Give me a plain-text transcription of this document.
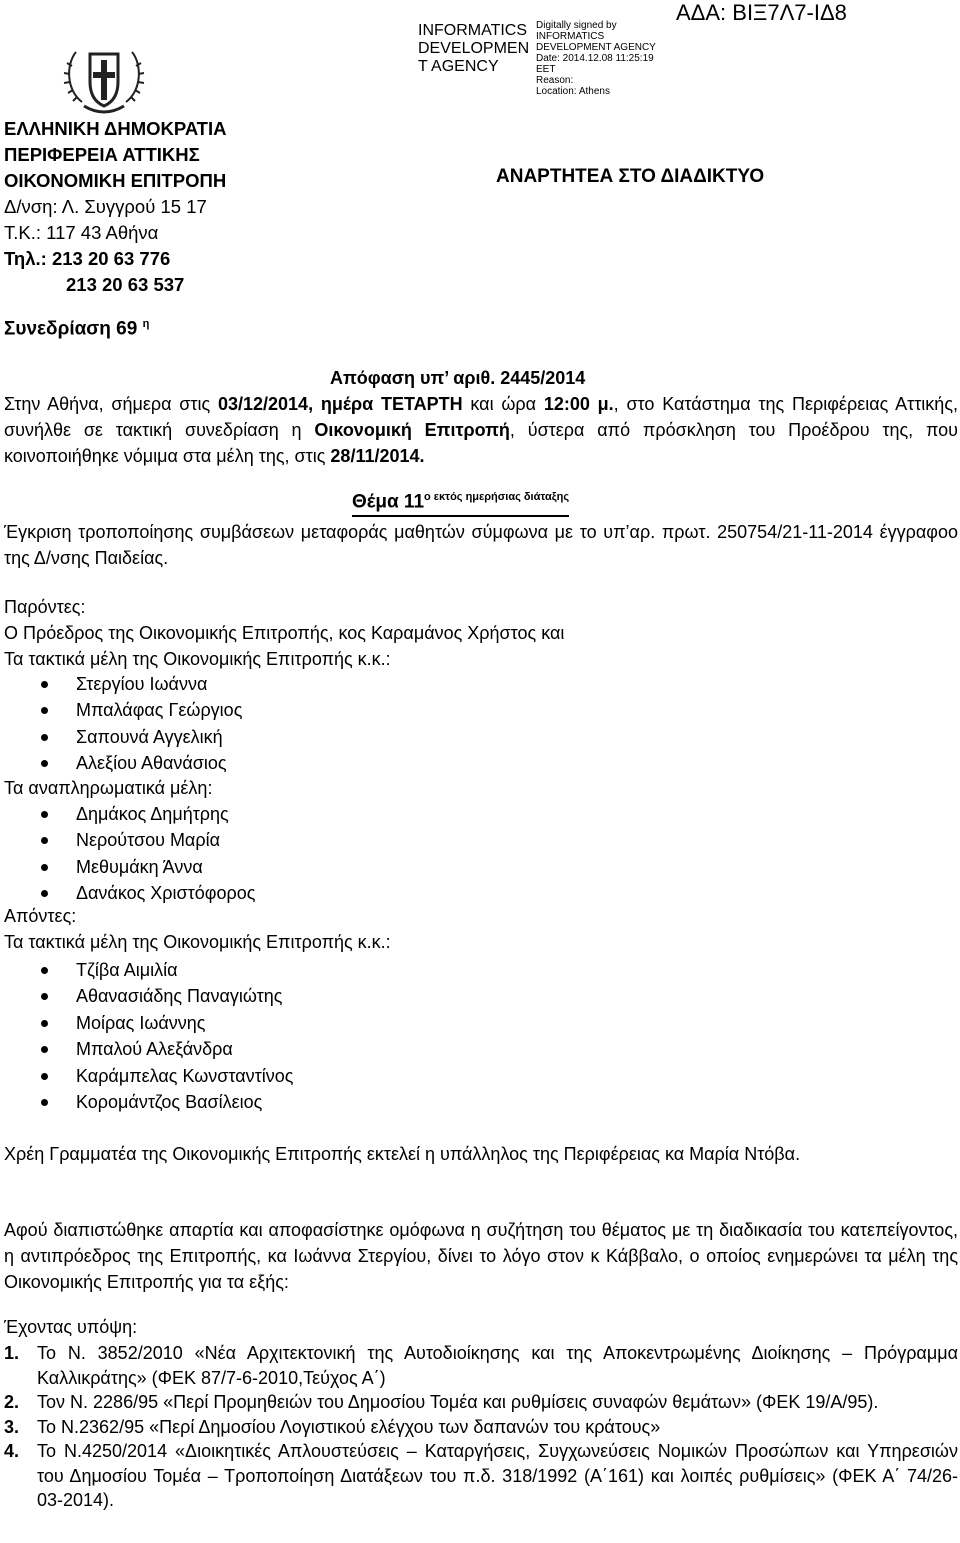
ΕΛΛΗΝΙΚΗ ΔΗΜΟΚΡΑΤΙΑ
ΠΕΡΙΦΕΡΕΙΑ ΑΤΤΙΚΗΣ
ΟΙΚΟΝΟΜΙΚΗ ΕΠΙΤΡΟΠΗ
Δ/νση: Λ. Συγγρού 15 17
Τ.Κ.: 117 43 Αθήνα
Τηλ.: 213 20 63 776
213 20 63 537
INFORMATICS DEVELOPMEN T AGENCY
Digitally signed by
INFORMATICS
DEVELOPMENT AGENCY
Date: 2014.12.08 11:25:19
EET
Reason:
Location: Athens
ΑΔΑ: ΒΙΞ7Λ7-ΙΔ8
ΑΝΑΡΤΗΤΕΑ ΣΤΟ ΔΙΑΔΙΚΤΥΟ
Συνεδρίαση 69 $^\eta$
Απόφαση υπ’ αριθ. 2445/2014
Στην Αθήνα, σήμερα στις 03/12/2014, ημέρα ΤΕΤΑΡΤΗ και ώρα 12:00 μ., στο Κατάστημα της Περιφέρειας Αττικής, συνήλθε σε τακτική συνεδρίαση η Οικονομική Επιτροπή, ύστερα από πρόσκληση του Προέδρου της, που κοινοποιήθηκε νόμιμα στα μέλη της, στις 28/11/2014.
Θέμα $11^{o \varepsilon\kappa\tau ό\varsigma \eta\mu\varepsilon\rho ή\sigma\iota\alpha\varsigma \delta\iota ά\tau\alpha\xi\eta\varsigma}$
Έγκριση τροποποίησης συμβάσεων μεταφοράς μαθητών σύμφωνα με το υπ’αρ. πρωτ. 250754/21-11-2014 έγγραφοο της Δ/νσης Παιδείας.
Παρόντες:
Ο Πρόεδρος της Οικονομικής Επιτροπής, κος Καραμάνος Χρήστος και
Τα τακτικά μέλη της Οικονομικής Επιτροπής κ.κ.:
Στεργίου Ιωάννα
Μπαλάφας Γεώργιος
Σαπουνά Αγγελική
Αλεξίου Αθανάσιος
Τα αναπληρωματικά μέλη:
Δημάκος Δημήτρης
Νερούτσου Μαρία
Μεθυμάκη Άννα
Δανάκος Χριστόφορος
Απόντες:
Τα τακτικά μέλη της Οικονομικής Επιτροπής κ.κ.:
Τζίβα Αιμιλία
Αθανασιάδης Παναγιώτης
Μοίρας Ιωάννης
Μπαλού Αλεξάνδρα
Καράμπελας Κωνσταντίνος
Κορομάντζος Βασίλειος
Χρέη Γραμματέα της Οικονομικής Επιτροπής εκτελεί η υπάλληλος της Περιφέρειας κα Μαρία Ντόβα.
Αφού διαπιστώθηκε απαρτία και αποφασίστηκε ομόφωνα η συζήτηση του θέματος με τη διαδικασία του κατεπείγοντος, η αντιπρόεδρος της Επιτροπής, κα Ιωάννα Στεργίου, δίνει το λόγο στον κ Κάββαλο, ο οποίος ενημερώνει τα μέλη της Οικονομικής Επιτροπής για τα εξής:
Έχοντας υπόψη:
1. Το Ν. 3852/2010 «Νέα Αρχιτεκτονική της Αυτοδιοίκησης και της Αποκεντρωμένης Διοίκησης – Πρόγραμμα Καλλικράτης» (ΦΕΚ 87/7-6-2010,Τεύχος Α΄)
2. Τον Ν. 2286/95 «Περί Προμηθειών του Δημοσίου Τομέα και ρυθμίσεις συναφών θεμάτων» (ΦΕΚ 19/Α/95).
3. Το Ν.2362/95 «Περί Δημοσίου Λογιστικού ελέγχου των δαπανών του κράτους»
4. Το Ν.4250/2014 «Διοικητικές Απλουστεύσεις – Καταργήσεις, Συγχωνεύσεις Νομικών Προσώπων και Υπηρεσιών του Δημοσίου Τομέα – Τροποποίηση Διατάξεων του π.δ. 318/1992 (Α΄161) και λοιπές ρυθμίσεις» (ΦΕΚ Α΄ 74/26-03-2014).
